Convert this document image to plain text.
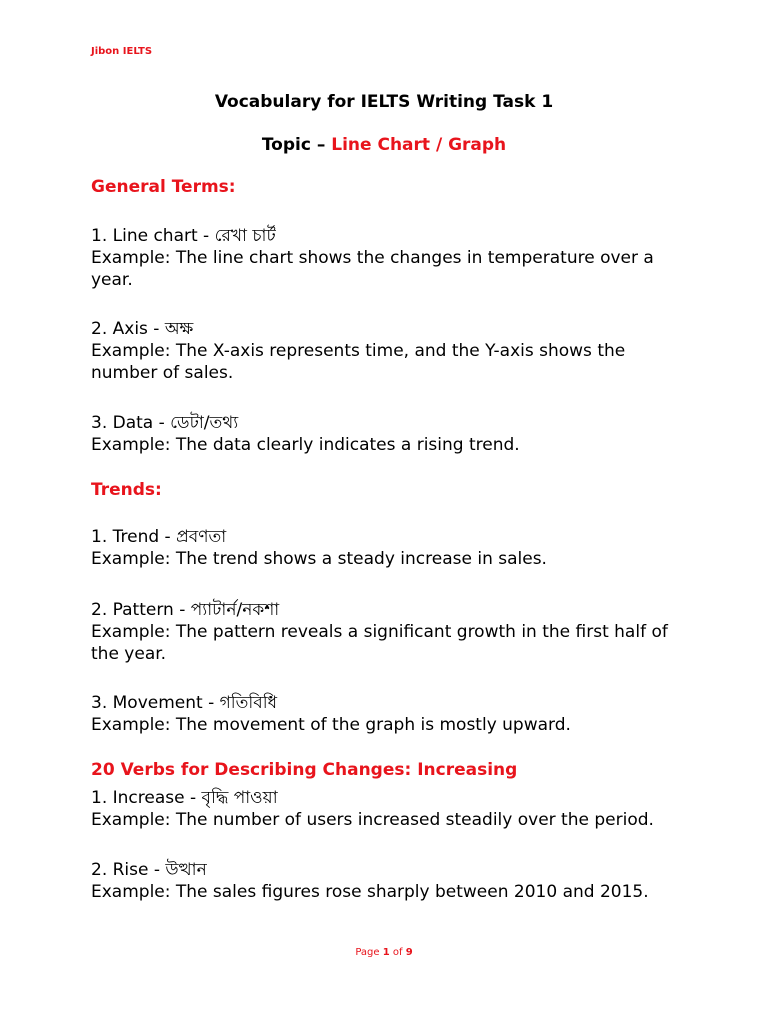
Jibon IELTS
Vocabulary for IELTS Writing Task 1
Topic – Line Chart / Graph
General Terms:
1. Line chart - রেখা চার্ট
Example: The line chart shows the changes in temperature over a year.
2. Axis - অক্ষ
Example: The X-axis represents time, and the Y-axis shows the number of sales.
3. Data - ডেটা/তথ্য
Example: The data clearly indicates a rising trend.
Trends:
1. Trend - প্রবণতা
Example: The trend shows a steady increase in sales.
2. Pattern - প্যাটার্ন/নকশা
Example: The pattern reveals a significant growth in the first half of the year.
3. Movement - গতিবিধি
Example: The movement of the graph is mostly upward.
20 Verbs for Describing Changes: Increasing
1. Increase - বৃদ্ধি পাওয়া
Example: The number of users increased steadily over the period.
2. Rise - উত্থান
Example: The sales figures rose sharply between 2010 and 2015.
Page 1 of 9
